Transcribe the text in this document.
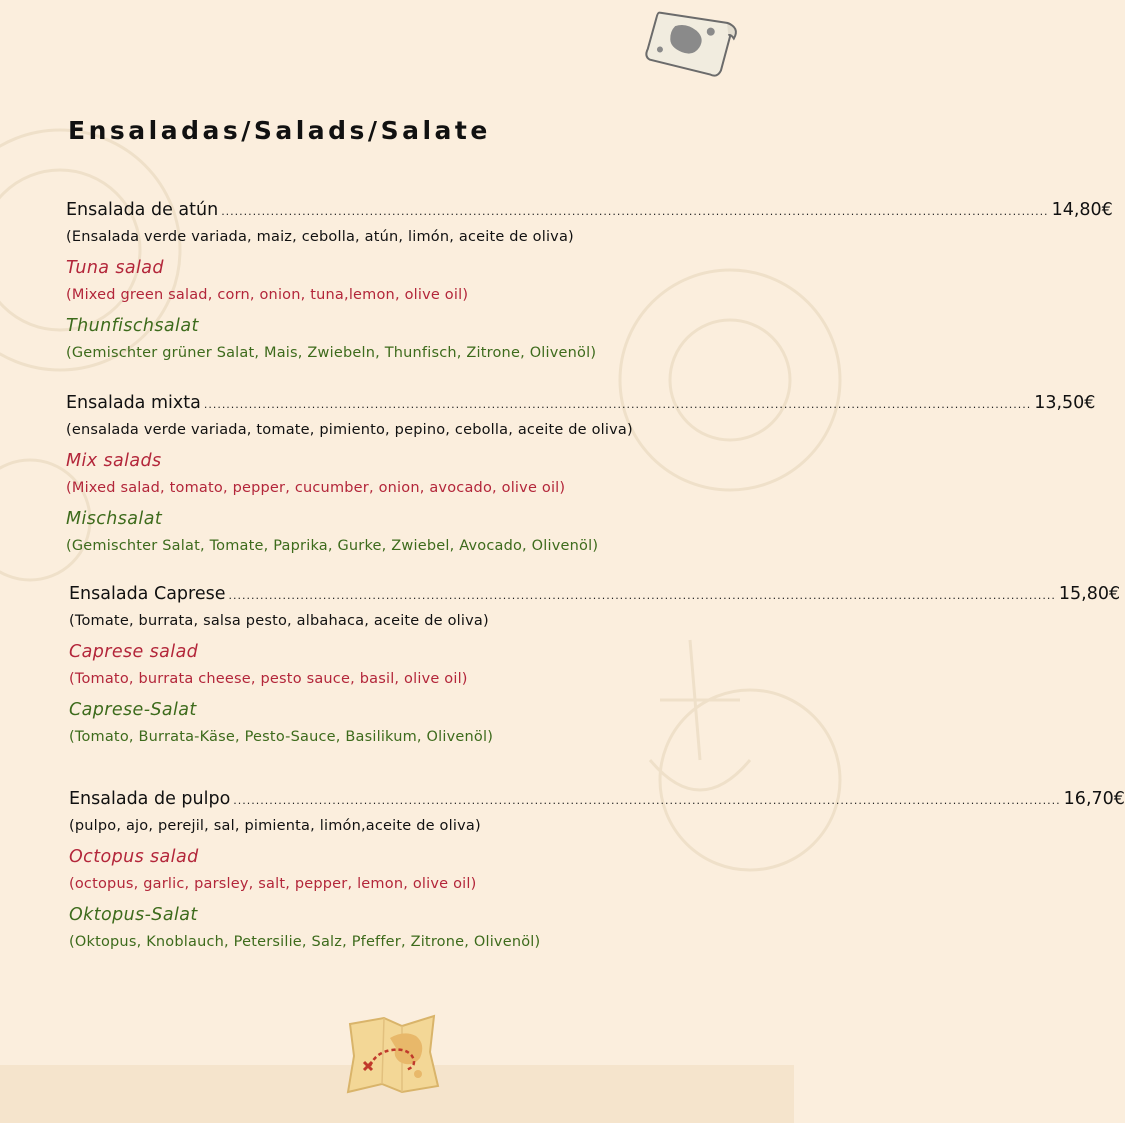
Ensaladas/Salads/Salate
Ensalada de atún ........................................................................................................................................................................................ 14,80€
(Ensalada verde variada, maiz, cebolla, atún, limón, aceite de oliva)
Tuna salad
(Mixed green salad, corn, onion, tuna,lemon, olive oil)
Thunfischsalat
(Gemischter grüner Salat, Mais, Zwiebeln, Thunfisch, Zitrone, Olivenöl)
Ensalada mixta ........................................................................................................................................................................................ 13,50€
(ensalada verde variada, tomate, pimiento, pepino, cebolla, aceite de oliva)
Mix salads
(Mixed salad, tomato, pepper, cucumber, onion, avocado, olive oil)
Mischsalat
(Gemischter Salat, Tomate, Paprika, Gurke, Zwiebel, Avocado, Olivenöl)
Ensalada Caprese ........................................................................................................................................................................................ 15,80€
(Tomate, burrata, salsa pesto, albahaca, aceite de oliva)
Caprese salad
(Tomato, burrata cheese, pesto sauce, basil, olive oil)
Caprese-Salat
(Tomato, Burrata-Käse, Pesto-Sauce, Basilikum, Olivenöl)
Ensalada de pulpo ........................................................................................................................................................................................ 16,70€
(pulpo, ajo, perejil, sal, pimienta, limón,aceite de oliva)
Octopus salad
(octopus, garlic, parsley, salt, pepper, lemon, olive oil)
Oktopus-Salat
(Oktopus, Knoblauch, Petersilie, Salz, Pfeffer, Zitrone, Olivenöl)
